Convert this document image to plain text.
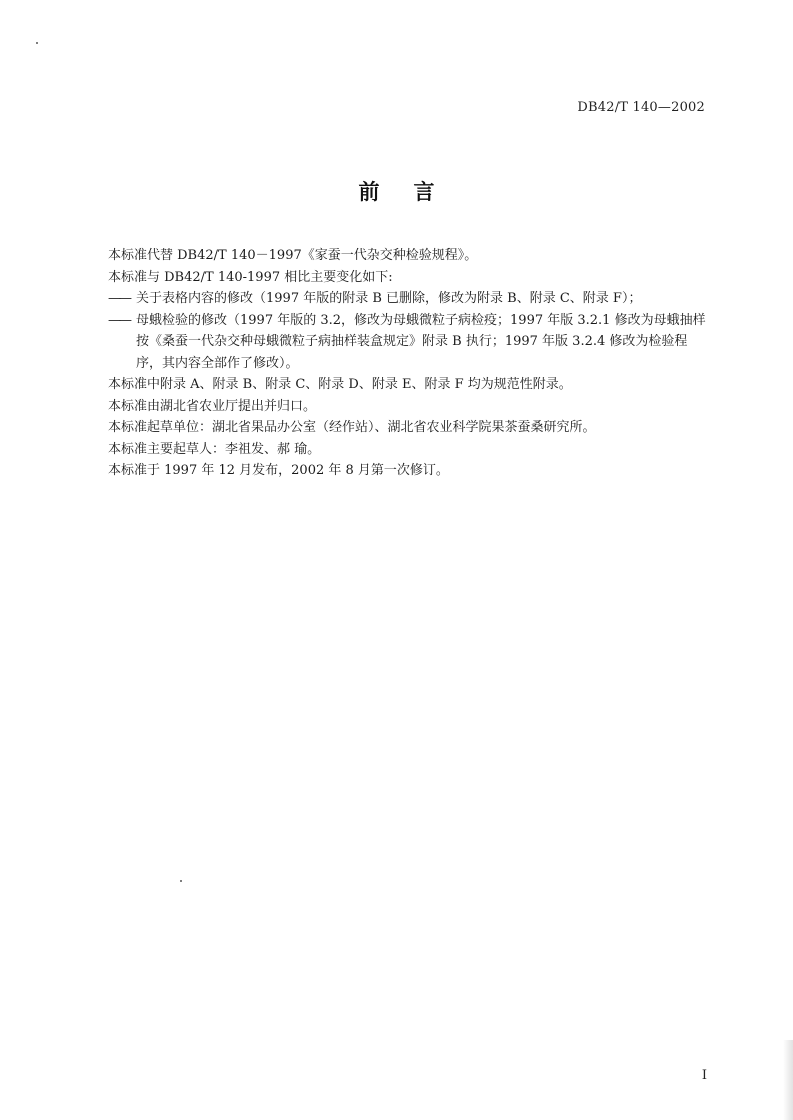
DB42/T 140—2002
前言

本标准代替 DB42/T 140－1997《家蚕一代杂交种检验规程》。

本标准与 DB42/T 140-1997 相比主要变化如下:

—— 关于表格内容的修改（1997 年版的附录 B 已删除，修改为附录 B、附录 C、附录 F）；

—— 母蛾检验的修改（1997 年版的 3.2，修改为母蛾微粒子病检疫；1997 年版 3.2.1 修改为母蛾抽样按《桑蚕一代杂交种母蛾微粒子病抽样装盒规定》附录 B 执行；1997 年版 3.2.4 修改为检验程序，其内容全部作了修改）。

本标准中附录 A、附录 B、附录 C、附录 D、附录 E、附录 F 均为规范性附录。

本标准由湖北省农业厅提出并归口。

本标准起草单位：湖北省果品办公室（经作站）、湖北省农业科学院果茶蚕桑研究所。

本标准主要起草人：李祖发、郝 瑜。

本标准于 1997 年 12 月发布，2002 年 8 月第一次修订。

I
